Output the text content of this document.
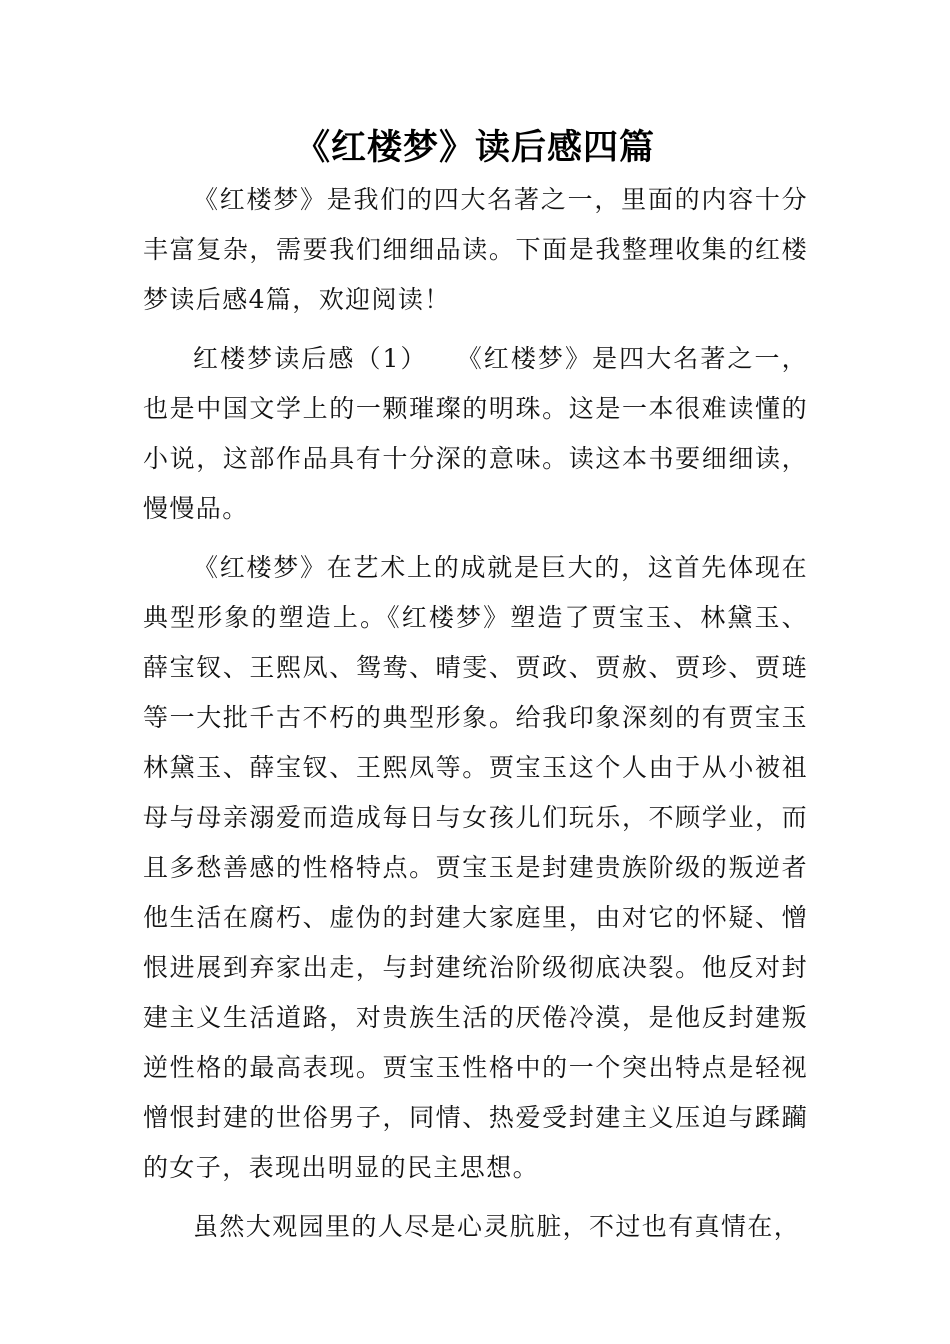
《红楼梦》读后感四篇

《红楼梦》是我们的四大名著之一，里面的内容十分丰富复杂，需要我们细细品读。下面是我整理收集的红楼梦读后感4篇，欢迎阅读！

红楼梦读后感（1）　　《红楼梦》是四大名著之一，也是中国文学上的一颗璀璨的明珠。这是一本很难读懂的小说，这部作品具有十分深的意味。读这本书要细细读，慢慢品。

《红楼梦》在艺术上的成就是巨大的，这首先体现在典型形象的塑造上。《红楼梦》塑造了贾宝玉、林黛玉、薛宝钗、王熙凤、鸳鸯、晴雯、贾政、贾赦、贾珍、贾琏等一大批千古不朽的典型形象。给我印象深刻的有贾宝玉林黛玉、薛宝钗、王熙凤等。贾宝玉这个人由于从小被祖母与母亲溺爱而造成每日与女孩儿们玩乐，不顾学业，而且多愁善感的性格特点。贾宝玉是封建贵族阶级的叛逆者他生活在腐朽、虚伪的封建大家庭里，由对它的怀疑、憎恨进展到弃家出走，与封建统治阶级彻底决裂。他反对封建主义生活道路，对贵族生活的厌倦冷漠，是他反封建叛逆性格的最高表现。贾宝玉性格中的一个突出特点是轻视憎恨封建的世俗男子，同情、热爱受封建主义压迫与蹂躏的女子，表现出明显的民主思想。

虽然大观园里的人尽是心灵肮脏，不过也有真情在，
